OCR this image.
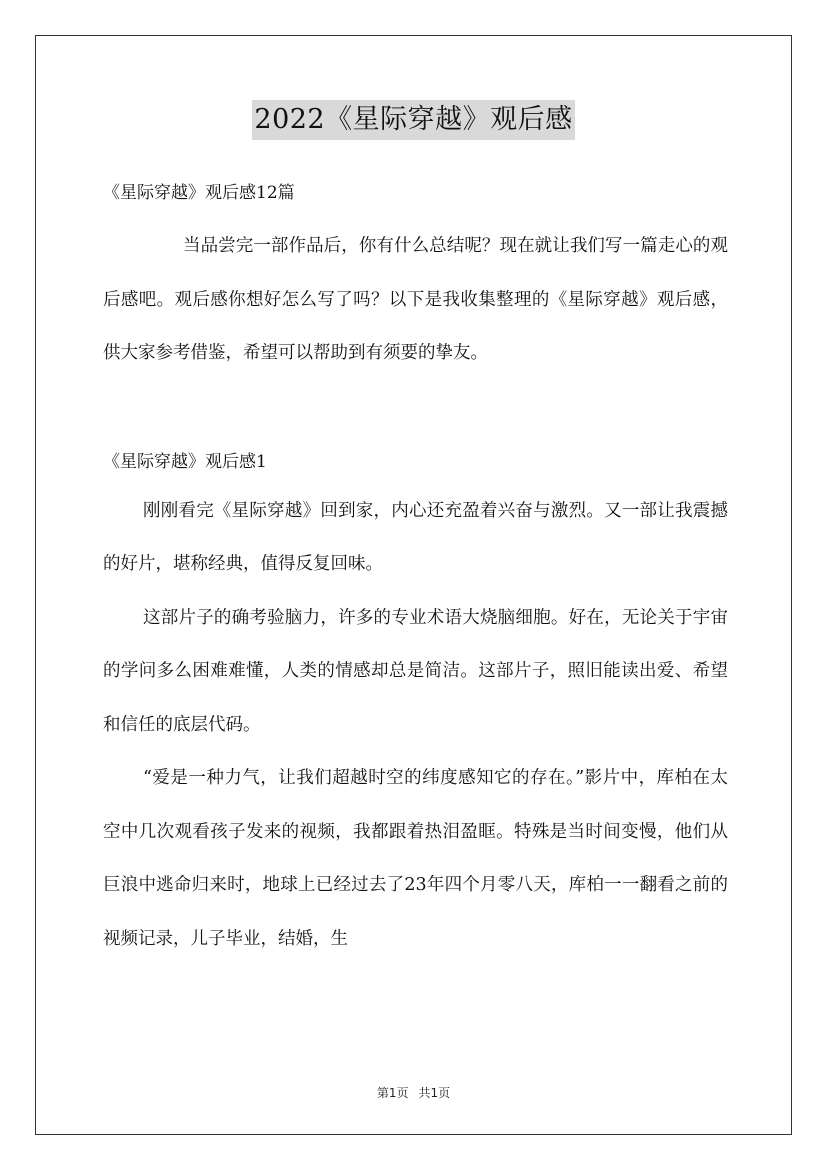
2022《星际穿越》观后感

《星际穿越》观后感12篇

当品尝完一部作品后，你有什么总结呢？现在就让我们写一篇走心的观后感吧。观后感你想好怎么写了吗？以下是我收集整理的《星际穿越》观后感，供大家参考借鉴，希望可以帮助到有须要的挚友。

《星际穿越》观后感1

刚刚看完《星际穿越》回到家，内心还充盈着兴奋与激烈。又一部让我震撼的好片，堪称经典，值得反复回味。

这部片子的确考验脑力，许多的专业术语大烧脑细胞。好在，无论关于宇宙的学问多么困难难懂，人类的情感却总是简洁。这部片子，照旧能读出爱、希望和信任的底层代码。

“爱是一种力气，让我们超越时空的纬度感知它的存在。”影片中，库柏在太空中几次观看孩子发来的视频，我都跟着热泪盈眶。特殊是当时间变慢，他们从巨浪中逃命归来时，地球上已经过去了23年四个月零八天，库柏一一翻看之前的视频记录，儿子毕业，结婚，生

第1页 共1页
